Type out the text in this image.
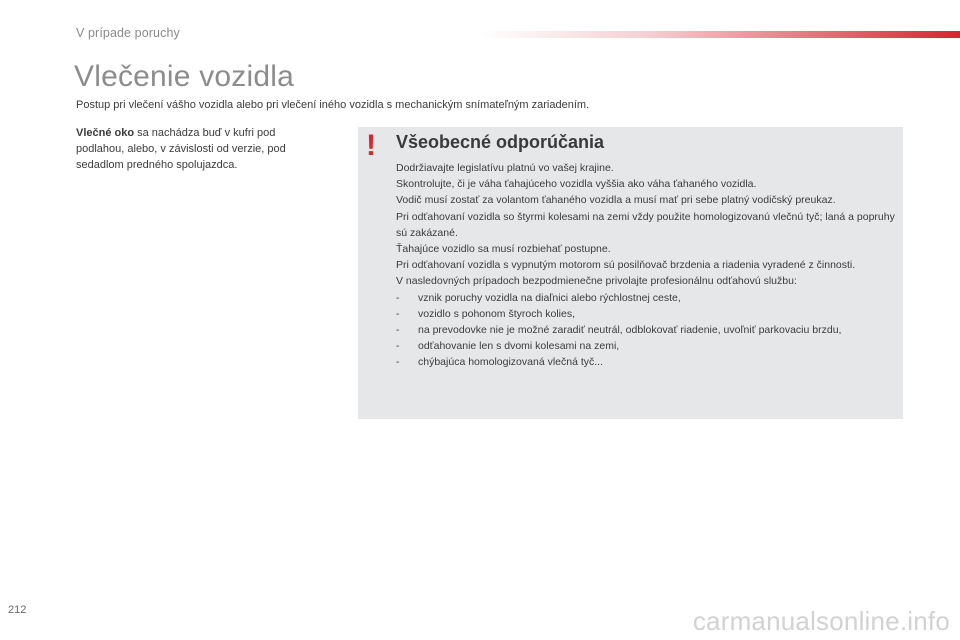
V prípade poruchy
Vlečenie vozidla
Postup pri vlečení vášho vozidla alebo pri vlečení iného vozidla s mechanickým snímateľným zariadením.
Vlečné oko sa nachádza buď v kufri pod podlahou, alebo, v závislosti od verzie, pod sedadlom predného spolujazdca.
! Všeobecné odporúčania

Dodržiavajte legislatívu platnú vo vašej krajine.

Skontrolujte, či je váha ťahajúceho vozidla vyššia ako váha ťahaného vozidla.

Vodič musí zostať za volantom ťahaného vozidla a musí mať pri sebe platný vodičský preukaz.

Pri odťahovaní vozidla so štyrmi kolesami na zemi vždy použite homologizovanú vlečnú tyč; laná a popruhy sú zakázané.

Ťahajúce vozidlo sa musí rozbiehať postupne.

Pri odťahovaní vozidla s vypnutým motorom sú posilňovač brzdenia a riadenia vyradené z činnosti.

V nasledovných prípadoch bezpodmienečne privolajte profesionálnu odťahovú službu:

- vznik poruchy vozidla na diaľnici alebo rýchlostnej ceste,
- vozidlo s pohonom štyroch kolies,
- na prevodovke nie je možné zaradiť neutrál, odblokovať riadenie, uvoľniť parkovaciu brzdu,
- odťahovanie len s dvomi kolesami na zemi,
- chýbajúca homologizovaná vlečná tyč...
212	carmanualsonline.info
